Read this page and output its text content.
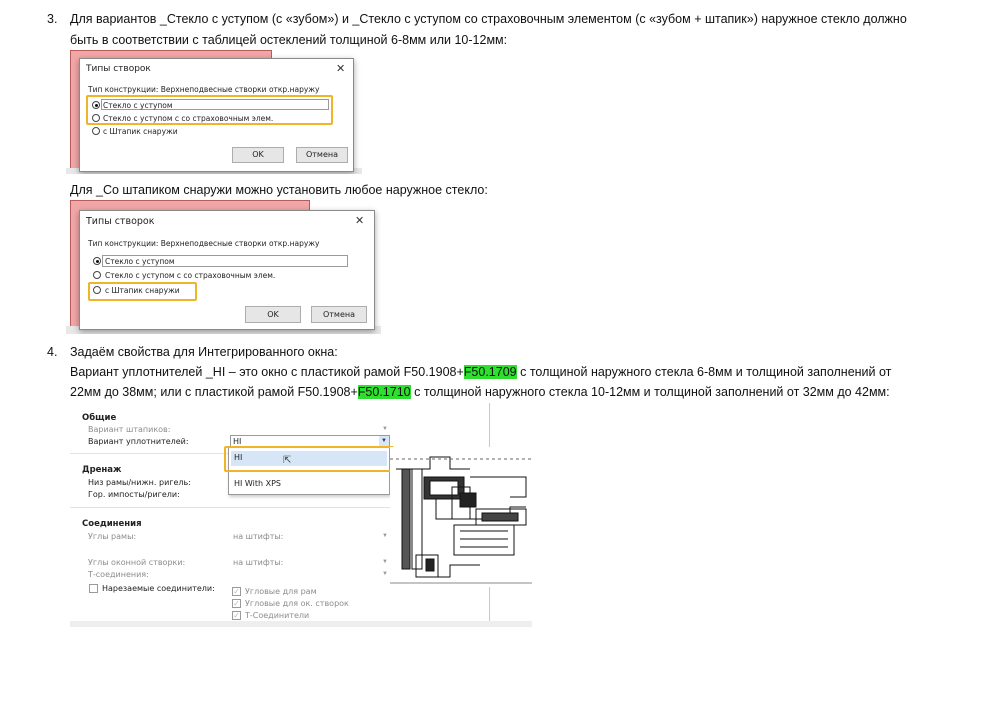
3. Для вариантов _Стекло с уступом (с «зубом») и _Стекло с уступом со страховочным элементом (с «зубом + штапик») наружное стекло должно
быть в соответствии с таблицей остеклений толщиной 6-8мм или 10-12мм:
Типы створок	✕
Тип конструкции: Верхнеподвесные створки откр.наружу
Стекло с уступом
Стекло с уступом с со страховочным элем.
с Штапик снаружи
OK	Отмена
Для _Со штапиком снаружи можно установить любое наружное стекло:
Типы створок	✕
Тип конструкции: Верхнеподвесные створки откр.наружу
Стекло с уступом
Стекло с уступом с со страховочным элем.
с Штапик снаружи
OK	Отмена
4. Задаём свойства для Интегрированного окна:
Вариант уплотнителей _HI – это окно с пластикой рамой F50.1908+F50.1709 с толщиной наружного стекла 6-8мм и толщиной заполнений от
22мм до 38мм; или с пластикой рамой F50.1908+F50.1710 с толщиной наружного стекла 10-12мм и толщиной заполнений от 32мм до 42мм:
Общие
Вариант штапиков:	▼
Вариант уплотнителей:	HI	▼
Дренаж
Низ рамы/нижн. ригель:
Гор. импосты/ригели:
Соединения
Углы рамы:	на штифты:	▼
Углы оконной створки:	на штифты:	▼
Т-соединения:	▼
Нарезаемые соединители: ✓ Угловые для рам
✓ Угловые для ок. створок
✓ Т-Соединители
HI	⇱
HI With XPS
